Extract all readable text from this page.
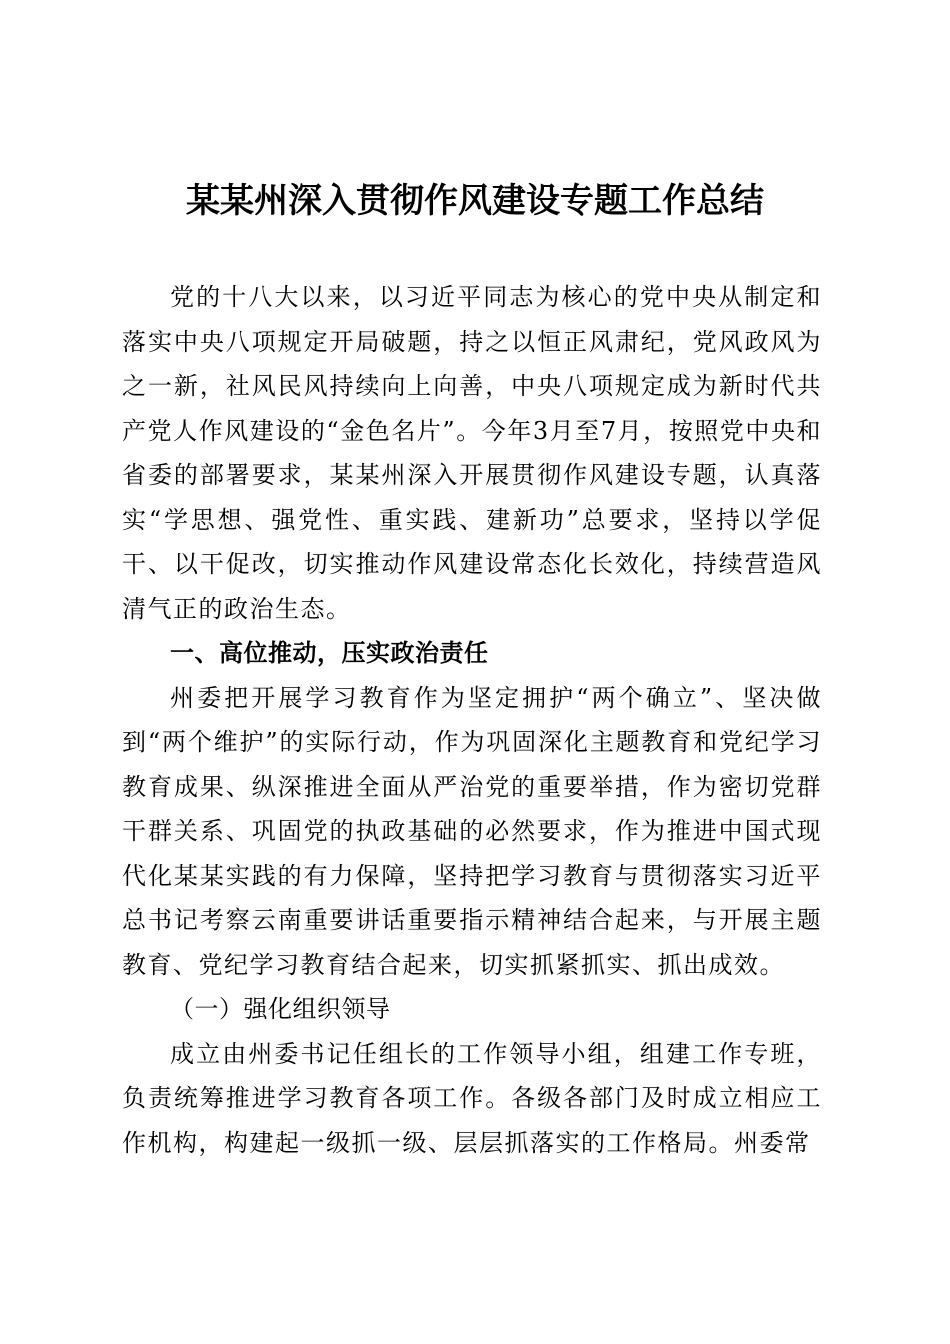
某某州深入贯彻作风建设专题工作总结

党的十八大以来，以习近平同志为核心的党中央从制定和落实中央八项规定开局破题，持之以恒正风肃纪，党风政风为之一新，社风民风持续向上向善，中央八项规定成为新时代共产党人作风建设的“金色名片”。今年3月至7月，按照党中央和省委的部署要求，某某州深入开展贯彻作风建设专题，认真落实“学思想、强党性、重实践、建新功”总要求，坚持以学促干、以干促改，切实推动作风建设常态化长效化，持续营造风清气正的政治生态。

一、高位推动，压实政治责任

州委把开展学习教育作为坚定拥护“两个确立”、坚决做到“两个维护”的实际行动，作为巩固深化主题教育和党纪学习教育成果、纵深推进全面从严治党的重要举措，作为密切党群干群关系、巩固党的执政基础的必然要求，作为推进中国式现代化某某实践的有力保障，坚持把学习教育与贯彻落实习近平总书记考察云南重要讲话重要指示精神结合起来，与开展主题教育、党纪学习教育结合起来，切实抓紧抓实、抓出成效。

（一）强化组织领导

成立由州委书记任组长的工作领导小组，组建工作专班，负责统筹推进学习教育各项工作。各级各部门及时成立相应工作机构，构建起一级抓一级、层层抓落实的工作格局。州委常
